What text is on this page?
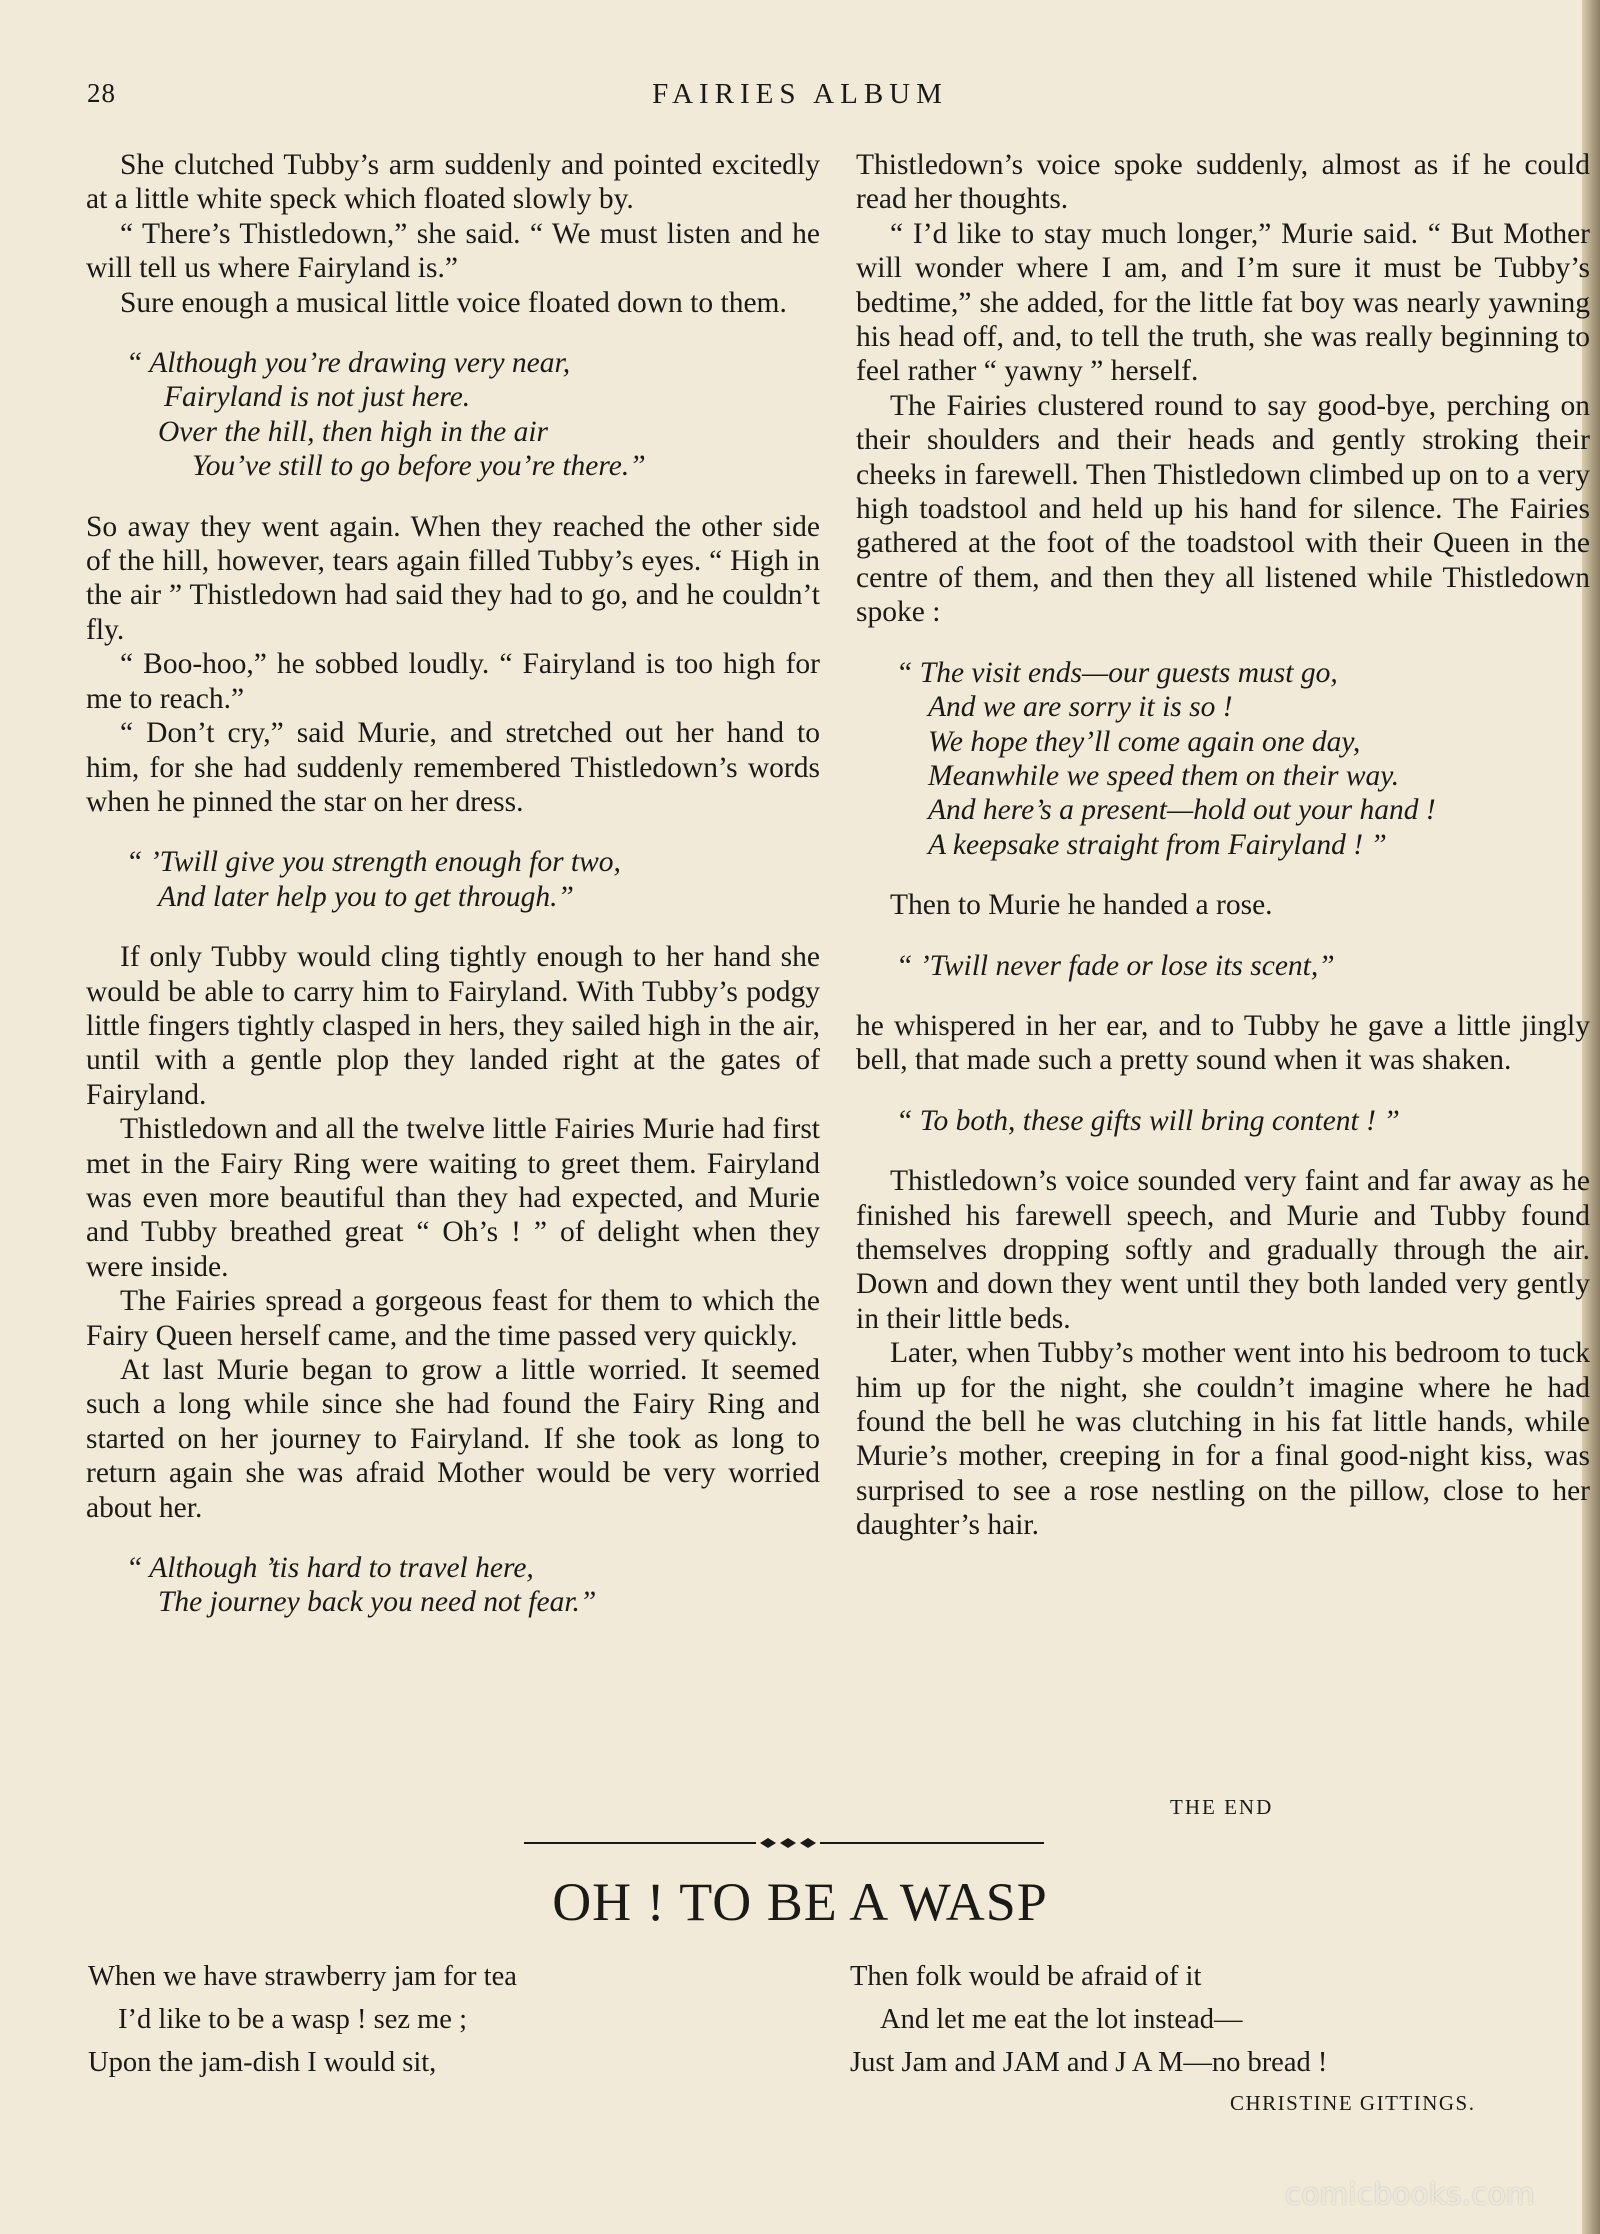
28	FAIRIES ALBUM

She clutched Tubby’s arm suddenly and pointed excitedly at a little white speck which floated slowly by.

“ There’s Thistledown,” she said. “ We must listen and he will tell us where Fairyland is.”

Sure enough a musical little voice floated down to them.

“ Although you’re drawing very near,
Fairyland is not just here.
Over the hill, then high in the air
You’ve still to go before you’re there.”

So away they went again. When they reached the other side of the hill, however, tears again filled Tubby’s eyes. “ High in the air ” Thistledown had said they had to go, and he couldn’t fly.

“ Boo-hoo,” he sobbed loudly. “ Fairyland is too high for me to reach.”

“ Don’t cry,” said Murie, and stretched out her hand to him, for she had suddenly remembered Thistledown’s words when he pinned the star on her dress.

“ ’Twill give you strength enough for two,
And later help you to get through.”

If only Tubby would cling tightly enough to her hand she would be able to carry him to Fairyland. With Tubby’s podgy little fingers tightly clasped in hers, they sailed high in the air, until with a gentle plop they landed right at the gates of Fairyland.

Thistledown and all the twelve little Fairies Murie had first met in the Fairy Ring were waiting to greet them. Fairyland was even more beautiful than they had expected, and Murie and Tubby breathed great “ Oh’s ! ” of delight when they were inside.

The Fairies spread a gorgeous feast for them to which the Fairy Queen herself came, and the time passed very quickly.

At last Murie began to grow a little worried. It seemed such a long while since she had found the Fairy Ring and started on her journey to Fairyland. If she took as long to return again she was afraid Mother would be very worried about her.

“ Although ’tis hard to travel here,
The journey back you need not fear.”

Thistledown’s voice spoke suddenly, almost as if he could read her thoughts.

“ I’d like to stay much longer,” Murie said. “ But Mother will wonder where I am, and I’m sure it must be Tubby’s bedtime,” she added, for the little fat boy was nearly yawning his head off, and, to tell the truth, she was really beginning to feel rather “ yawny ” herself.

The Fairies clustered round to say good-bye, perching on their shoulders and their heads and gently stroking their cheeks in farewell. Then Thistledown climbed up on to a very high toadstool and held up his hand for silence. The Fairies gathered at the foot of the toadstool with their Queen in the centre of them, and then they all listened while Thistledown spoke :

“ The visit ends—our guests must go,
And we are sorry it is so !
We hope they’ll come again one day,
Meanwhile we speed them on their way.
And here’s a present—hold out your hand !
A keepsake straight from Fairyland ! ”

Then to Murie he handed a rose.

“ ’Twill never fade or lose its scent,”

he whispered in her ear, and to Tubby he gave a little jingly bell, that made such a pretty sound when it was shaken.

“ To both, these gifts will bring content ! ”

Thistledown’s voice sounded very faint and far away as he finished his farewell speech, and Murie and Tubby found themselves dropping softly and gradually through the air. Down and down they went until they both landed very gently in their little beds.

Later, when Tubby’s mother went into his bedroom to tuck him up for the night, she couldn’t imagine where he had found the bell he was clutching in his fat little hands, while Murie’s mother, creeping in for a final good-night kiss, was surprised to see a rose nestling on the pillow, close to her daughter’s hair.

THE END
OH ! TO BE A WASP
When we have strawberry jam for tea
I’d like to be a wasp ! sez me ;
Upon the jam-dish I would sit,
Then folk would be afraid of it
And let me eat the lot instead—
Just Jam and JAM and J A M—no bread !
CHRISTINE GITTINGS.
comicbooks.com
